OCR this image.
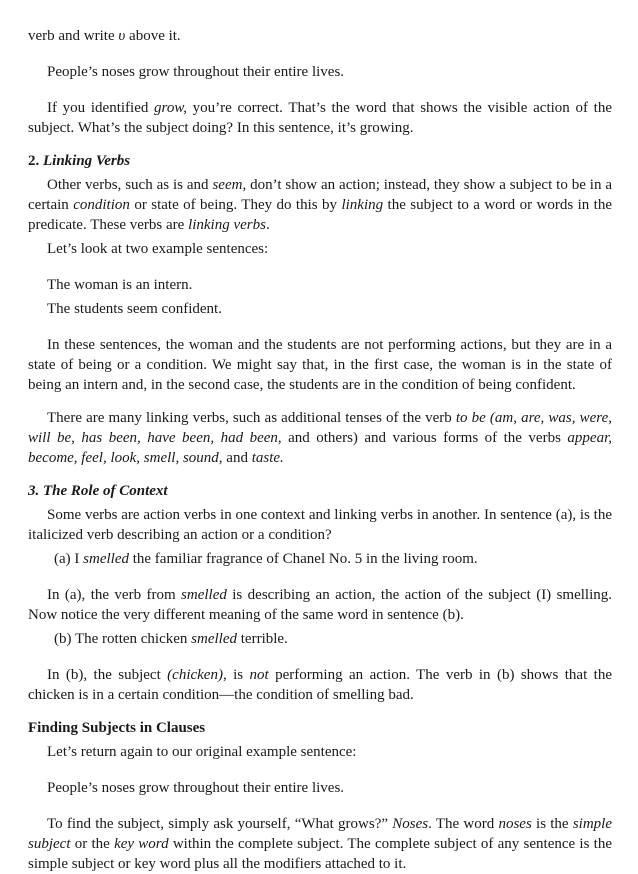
verb and write υ above it.

People’s noses grow throughout their entire lives.

If you identified grow, you’re correct. That’s the word that shows the visible action of the subject. What’s the subject doing? In this sentence, it’s growing.

2. Linking Verbs

Other verbs, such as is and seem, don’t show an action; instead, they show a subject to be in a certain condition or state of being. They do this by linking the subject to a word or words in the predicate. These verbs are linking verbs.

Let’s look at two example sentences:

The woman is an intern.

The students seem confident.

In these sentences, the woman and the students are not performing actions, but they are in a state of being or a condition. We might say that, in the first case, the woman is in the state of being an intern and, in the second case, the students are in the condition of being confident.

There are many linking verbs, such as additional tenses of the verb to be (am, are, was, were, will be, has been, have been, had been, and others) and various forms of the verbs appear, become, feel, look, smell, sound, and taste.

3. The Role of Context

Some verbs are action verbs in one context and linking verbs in another. In sentence (a), is the italicized verb describing an action or a condition?

(a) I smelled the familiar fragrance of Chanel No. 5 in the living room.

In (a), the verb from smelled is describing an action, the action of the subject (I) smelling. Now notice the very different meaning of the same word in sentence (b).

(b) The rotten chicken smelled terrible.

In (b), the subject (chicken), is not performing an action. The verb in (b) shows that the chicken is in a certain condition—the condition of smelling bad.

Finding Subjects in Clauses

Let’s return again to our original example sentence:

People’s noses grow throughout their entire lives.

To find the subject, simply ask yourself, “What grows?” Noses. The word noses is the simple subject or the key word within the complete subject. The complete subject of any sentence is the simple subject or key word plus all the modifiers attached to it.
